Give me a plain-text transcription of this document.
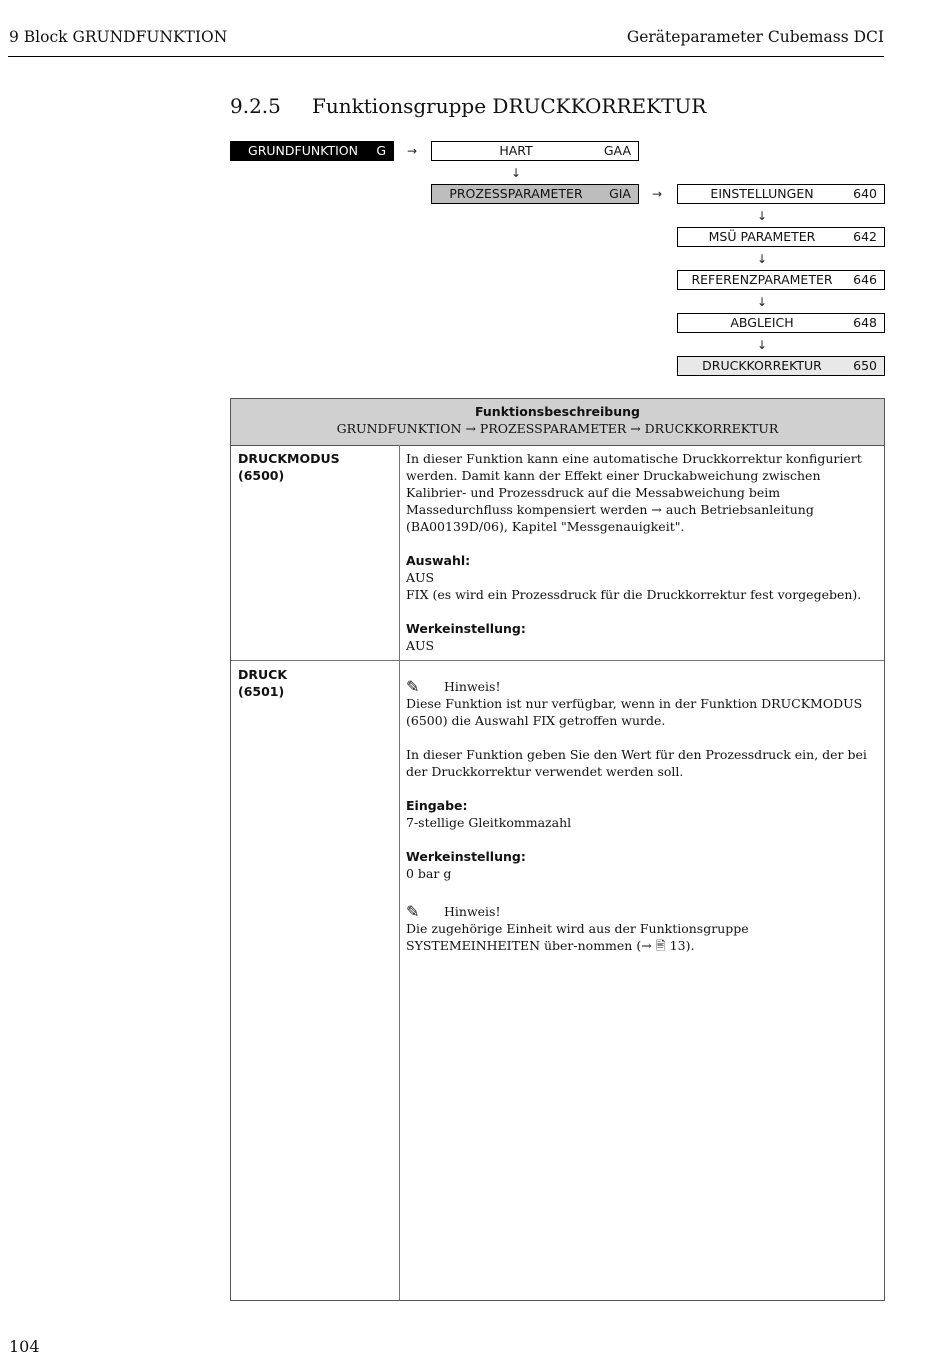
9 Block GRUNDFUNKTION	Geräteparameter Cubemass DCI
9.2.5 Funktionsgruppe DRUCKKORREKTUR
GRUNDFUNKTION	G →	HART	GAA
↓
PROZESSPARAMETER	GIA →	EINSTELLUNGEN	640
↓
MSÜ PARAMETER	642
↓
REFERENZPARAMETER	646
↓
ABGLEICH	648
↓
DRUCKKORREKTUR	650
Funktionsbeschreibung
GRUNDFUNKTION → PROZESSPARAMETER → DRUCKKORREKTUR
DRUCKMODUS
(6500)

In dieser Funktion kann eine automatische Druckkorrektur konfiguriert werden. Damit kann der Effekt einer Druckabweichung zwischen Kalibrier- und Prozessdruck auf die Messabweichung beim Massedurchfluss kompensiert werden → auch Betriebsanleitung (BA00139D/06), Kapitel "Messgenauigkeit".

Auswahl:
AUS

FIX (es wird ein Prozessdruck für die Druckkorrektur fest vorgegeben).

Werkeinstellung:
AUS
DRUCK
(6501)	✎	Hinweis!

Diese Funktion ist nur verfügbar, wenn in der Funktion DRUCKMODUS (6500) die Auswahl FIX getroffen wurde.

In dieser Funktion geben Sie den Wert für den Prozessdruck ein, der bei der Druckkorrektur verwendet werden soll.

Eingabe:

7-stellige Gleitkommazahl

Werkeinstellung:
0 bar g
✎	Hinweis!

Die zugehörige Einheit wird aus der Funktionsgruppe SYSTEMEINHEITEN über-nommen (→ 🖹 13).

104
